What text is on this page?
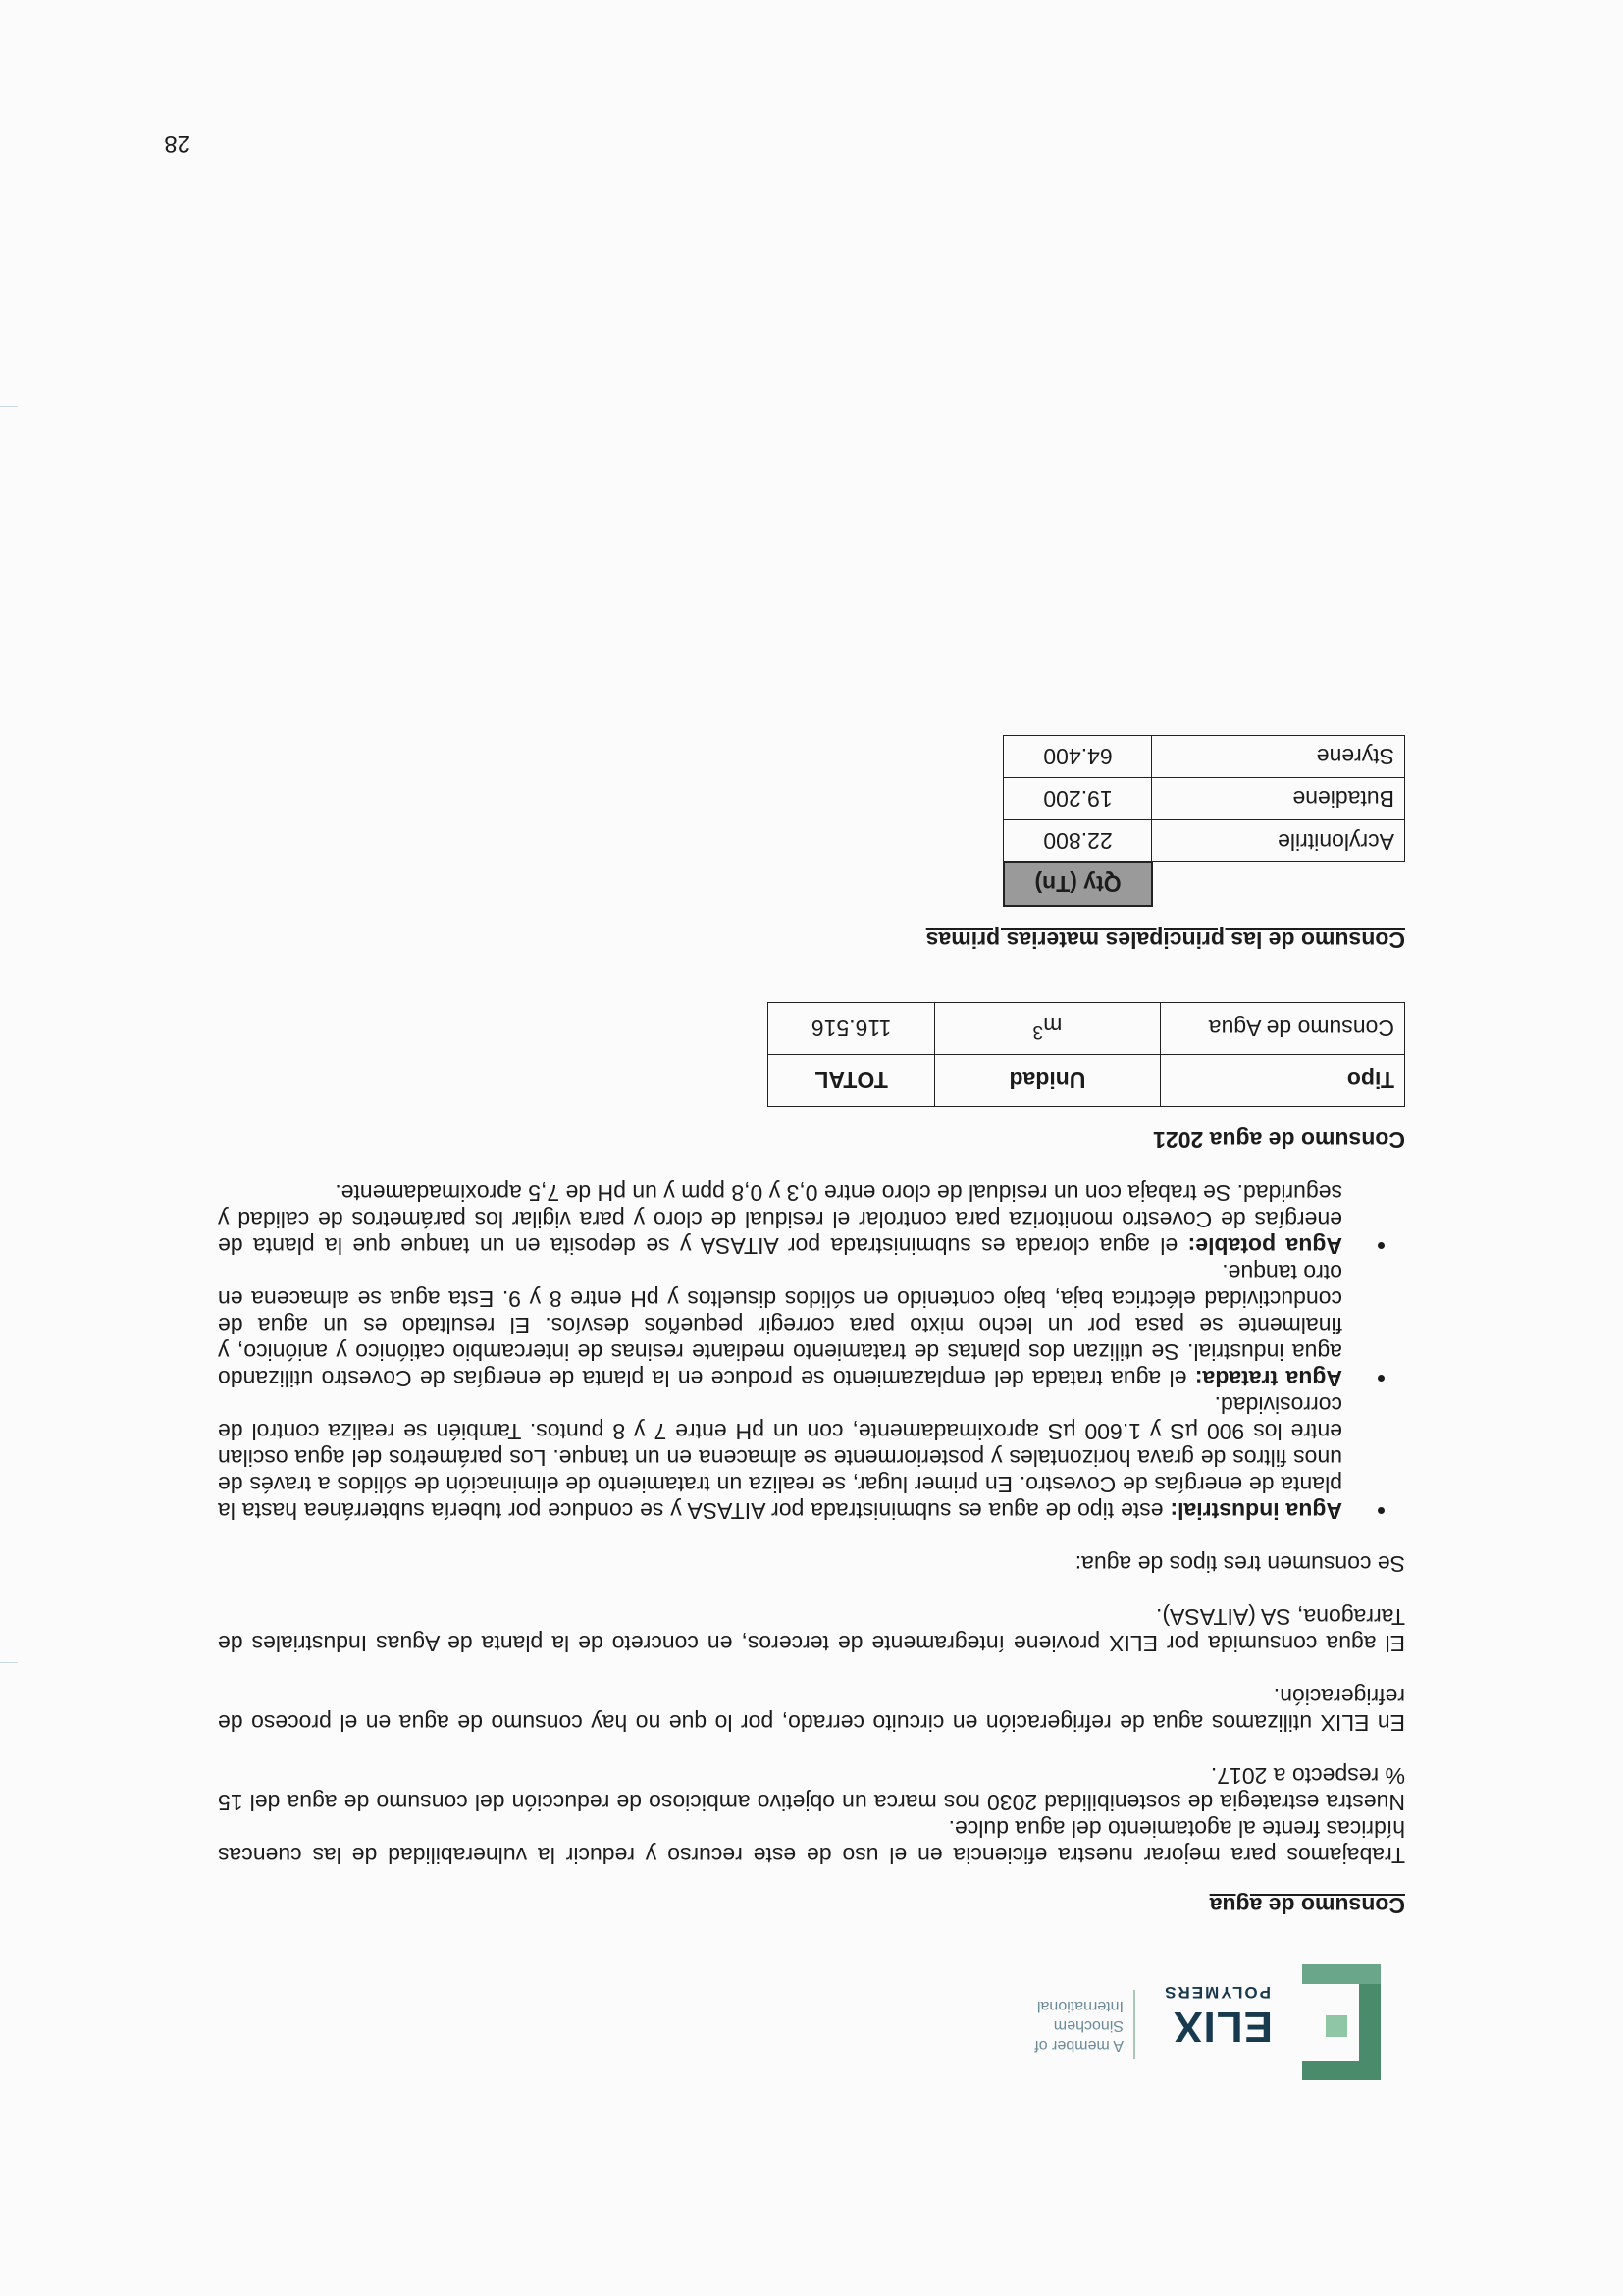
ELIX
POLYMERS
A member of Sinochem International
Consumo de agua

Trabajamos para mejorar nuestra eficiencia en el uso de este recurso y reducir la vulnerabilidad de las cuencas hídricas frente al agotamiento del agua dulce.

Nuestra estrategia de sostenibilidad 2030 nos marca un objetivo ambicioso de reducción del consumo de agua del 15 % respecto a 2017.

En ELIX utilizamos agua de refrigeración en circuito cerrado, por lo que no hay consumo de agua en el proceso de refrigeración.

El agua consumida por ELIX proviene íntegramente de terceros, en concreto de la planta de Aguas Industriales de Tarragona, SA (AITASA).

Se consumen tres tipos de agua:

• Agua industrial: este tipo de agua es subministrada por AITASA y se conduce por tubería subterránea hasta la planta de energías de Covestro. En primer lugar, se realiza un tratamiento de eliminación de sólidos a través de unos filtros de grava horizontales y posteriormente se almacena en un tanque. Los parámetros del agua oscilan entre los 900 µS y 1.600 µS aproximadamente, con un pH entre 7 y 8 puntos. También se realiza control de corrosividad.
• Agua tratada: el agua tratada del emplazamiento se produce en la planta de energías de Covestro utilizando agua industrial. Se utilizan dos plantas de tratamiento mediante resinas de intercambio catiónico y aniónico, y finalmente se pasa por un lecho mixto para corregir pequeños desvíos. El resultado es un agua de conductividad eléctrica baja, bajo contenido en sólidos disueltos y pH entre 8 y 9. Esta agua se almacena en otro tanque.
• Agua potable: el agua clorada es subministrada por AITASA y se deposita en un tanque que la planta de energías de Covestro monitoriza para controlar el residual de cloro y para vigilar los parámetros de calidad y seguridad. Se trabaja con un residual de cloro entre 0,3 y 0,8 ppm y un pH de 7,5 aproximadamente.
Consumo de agua 2021
Tipo	Unidad	TOTAL
Consumo de Agua	$m^3$	116.516
Consumo de las principales materias primas
	Qty (Tn)
Acrylonitrile	22.800
Butadiene	19.200
Styrene	64.400
28
